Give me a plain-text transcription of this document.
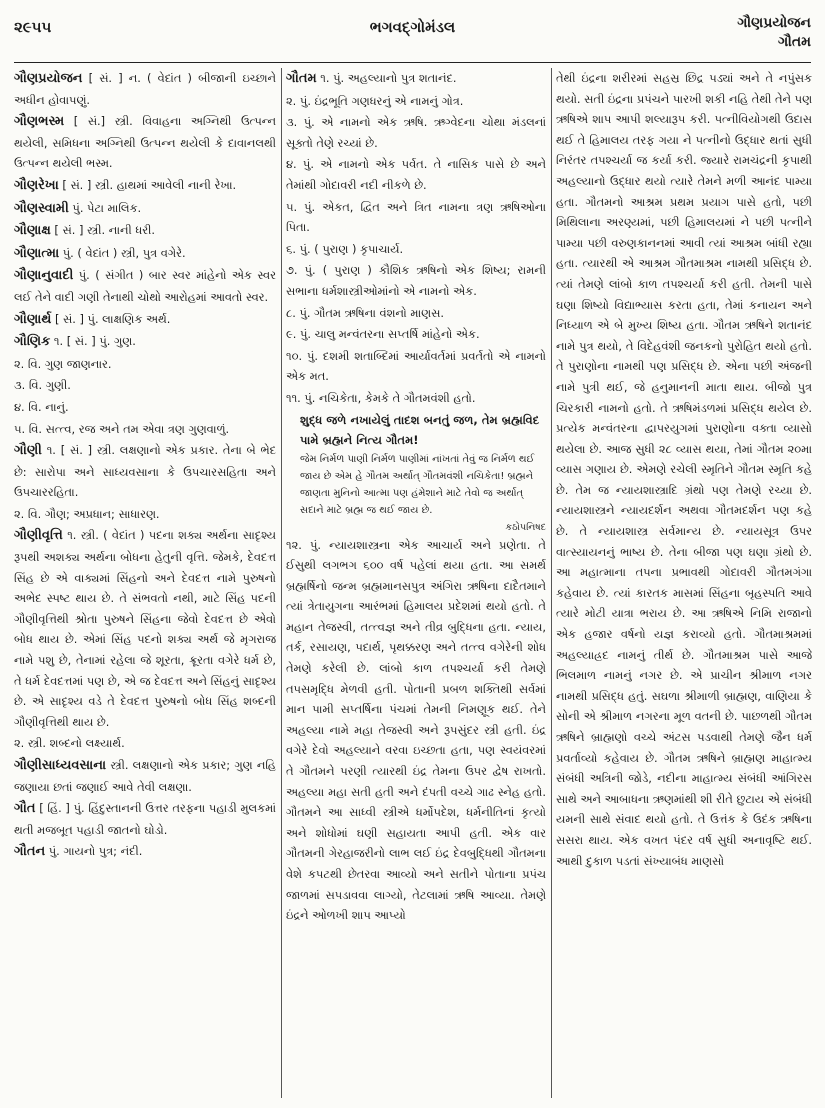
૨૯૫૫	ભગવદ્ગોમંડલ	ગૌણપ્રયોજન
ગૌતમ
ગૌણપ્રયોજન [ સં. ] ન. ( વેદાંત ) બીજાની ઇચ્છાને અધીન હોવાપણું.
ગૌણભસ્મ [ સં.] સ્ત્રી. વિવાહના અગ્નિથી ઉત્પન્ન થયેલી, સમિધના અગ્નિથી ઉત્પન્ન થયેલી કે દાવાનલથી ઉત્પન્ન થયેલી ભસ્મ.
ગૌણરેખા [ સં. ] સ્ત્રી. હાથમાં આવેલી નાની રેખા.
ગૌણસ્વામી પું. પેટા માલિક.
ગૌણાક્ષ [ સં. ] સ્ત્રી. નાની ધરી.
ગૌણાત્મા પું. ( વેદાંત ) સ્ત્રી, પુત્ર વગેરે.
ગૌણાનુવાદી પું. ( સંગીત ) બાર સ્વર માંહેનો એક સ્વર લઈ તેને વાદી ગણી તેનાથી ચોથો આરોહમાં આવતો સ્વર.
ગૌણાર્થ [ સં. ] પું. લાક્ષણિક અર્થ.
ગૌણિક ૧. [ સં. ] પું. ગુણ.
૨. વિ. ગુણ જાણનાર.
૩. વિ. ગુણી.
૪. વિ. નાનું.
૫. વિ. સત્ત્વ, રજ અને તમ એવા ત્રણ ગુણવાળું.
ગૌણી ૧. [ સં. ] સ્ત્રી. લક્ષણાનો એક પ્રકાર. તેના બે ભેદ છે: સારોપા અને સાધ્યવસાના કે ઉપચારસહિતા અને ઉપચારરહિતા.
૨. વિ. ગૌણ; અપ્રધાન; સાધારણ.
ગૌણીવૃત્તિ ૧. સ્ત્રી. ( વેદાંત ) પદના શક્ય અર્થના સાદૃશ્ય રૂપથી અશક્ય અર્થના બોધના હેતુની વૃત્તિ. જેમકે, દેવદત્ત સિંહ છે એ વાક્યમાં સિંહનો અને દેવદત્ત નામે પુરુષનો અભેદ સ્પષ્ટ થાય છે. તે સંભવતો નથી, માટે સિંહ પદની ગૌણીવૃત્તિથી શ્રોતા પુરુષને સિંહના જેવો દેવદત્ત છે એવો બોધ થાય છે. એમાં સિંહ પદનો શક્ય અર્થ જે મૃગરાજ નામે પશુ છે, તેનામાં રહેલા જે શૂરતા, ક્રૂરતા વગેરે ધર્મ છે, તે ધર્મ દેવદત્તમાં પણ છે, એ જ દેવદત્ત અને સિંહનું સાદૃશ્ય છે. એ સાદૃશ્ય વડે તે દેવદત્ત પુરુષનો બોધ સિંહ શબ્દની ગૌણીવૃત્તિથી થાય છે.
૨. સ્ત્રી. શબ્દનો લક્ષ્યાર્થ.
ગૌણીસાધ્યવસાના સ્ત્રી. લક્ષણાનો એક પ્રકાર; ગુણ નહિ જણાયા છતાં જણાઈ આવે તેવી લક્ષણા.
ગૌત [ હિં. ] પું. હિંદુસ્તાનની ઉત્તર તરફના પહાડી મુલકમાં થતી મજબૂત પહાડી જાતનો ઘોડો.
ગૌતન પું. ગાયનો પુત્ર; નંદી.
ગૌતમ ૧. પું. અહલ્યાનો પુત્ર શતાનંદ.
૨. પું. ઇંદ્રભૂતિ ગણધરનું એ નામનું ગોત્ર.
૩. પું. એ નામનો એક ઋષિ. ઋગ્વેદના ચોથા મંડલનાં સૂક્તો તેણે રચ્યાં છે.
૪. પું. એ નામનો એક પર્વત. તે નાસિક પાસે છે અને તેમાંથી ગોદાવરી નદી નીકળે છે.
૫. પું. એકત, દ્વિત અને ત્રિત નામના ત્રણ ઋષિઓના પિતા.
૬. પું. ( પુરાણ ) કૃપાચાર્ય.
૭. પું. ( પુરાણ ) કૌશિક ઋષિનો એક શિષ્ય; રામની સભાના ધર્મશાસ્ત્રીઓમાંનો એ નામનો એક.
૮. પું. ગૌતમ ઋષિના વંશનો માણસ.
૯. પું. ચાલુ મન્વંતરના સપ્તર્ષિ માંહેનો એક.
૧૦. પું. દશમી શતાબ્દિમાં આર્યાવર્તમાં પ્રવર્તતો એ નામનો એક મત.
૧૧. પું. નચિકેતા, કેમકે તે ગૌતમવંશી હતો.
શુદ્ધ જળે નખાયેલું તાદશ બનતું જળ, તેમ બ્રહ્મવિદ પામે બ્રહ્મને નિત્ય ગૌતમ!
જેમ નિર્મળ પાણી નિર્મળ પાણીમાં નાંખતાં તેવું જ નિર્મળ થઈ જાય છે એમ હે ગૌતમ અર્થાત્ ગૌતમવંશી નચિકેતા! બ્રહ્મને જાણતા મુનિનો આત્મા પણ હંમેશાને માટે તેવો જ અર્થાત્ સદાને માટે બ્રહ્મ જ થઈ જાય છે.
કઠોપનિષદ
૧૨. પું. ન્યાયશાસ્ત્રના એક આચાર્ય અને પ્રણેતા. તે ઈસુથી લગભગ ૬૦૦ વર્ષ પહેલાં થયા હતા. આ સમર્થ બ્રહ્મર્ષિનો જન્મ બ્રહ્મમાનસપુત્ર અંગિરા ઋષિના દાદૈતમાને ત્યાં ત્રેતાયુગના આરંભમાં હિમાલય પ્રદેશમાં થયો હતો. તે મહાન તેજસ્વી, તત્ત્વજ્ઞ અને તીવ્ર બુદ્ધિના હતા. ન્યાય, તર્ક, રસાયણ, પદાર્થ, પૃથક્કરણ અને તત્ત્વ વગેરેની શોધ તેમણે કરેલી છે. લાંબો કાળ તપશ્ચર્યા કરી તેમણે તપસમૃદ્ધિ મેળવી હતી. પોતાની પ્રબળ શક્તિથી સર્વમાં માન પામી સપ્તર્ષિના પંચમાં તેમની નિમણૂક થઈ. તેને અહલ્યા નામે મહા તેજસ્વી અને રૂપસુંદર સ્ત્રી હતી. ઇંદ્ર વગેરે દેવો અહલ્યાને વરવા ઇચ્છતા હતા, પણ સ્વયંવરમાં તે ગૌતમને પરણી ત્યારથી ઇંદ્ર તેમના ઉપર દ્વેષ રાખતો. અહલ્યા મહા સતી હતી અને દંપતી વચ્ચે ગાઢ સ્નેહ હતો. ગૌતમને આ સાધ્વી સ્ત્રીએ ધર્મોપદેશ, ધર્મનીતિનાં કૃત્યો અને શોધોમાં ઘણી સહાયતા આપી હતી. એક વાર ગૌતમની ગેરહાજરીનો લાભ લઈ ઇંદ્ર દેવબુદ્ધિથી ગૌતમના વેશે કપટથી છેતરવા આવ્યો અને સતીને પોતાના પ્રપંચ જાળમાં સપડાવવા લાગ્યો, તેટલામાં ઋષિ આવ્યા. તેમણે ઇંદ્રને ઓળખી શાપ આપ્યો
તેથી ઇંદ્રના શરીરમાં સહસ્ર છિદ્ર પડ્યાં અને તે નપુંસક થયો. સતી ઇંદ્રના પ્રપંચને પારખી શકી નહિ તેથી તેને પણ ઋષિએ શાપ આપી શલ્યારૂપ કરી. પત્નીવિયોગથી ઉદાસ થઈ તે હિમાલય તરફ ગયા ને પત્નીનો ઉદ્ધાર થતાં સુધી નિરંતર તપશ્ચર્યા જ કર્યા કરી. જ્યારે રામચંદ્રની કૃપાથી અહલ્યાનો ઉદ્ધાર થયો ત્યારે તેમને મળી આનંદ પામ્યા હતા. ગૌતમનો આશ્રમ પ્રથમ પ્રયાગ પાસે હતો, પછી મિથિલાના અરણ્યમાં, પછી હિમાલયમાં ને પછી પત્નીને પામ્યા પછી વરુણકાનનમાં આવી ત્યાં આશ્રમ બાંધી રહ્યા હતા. ત્યારથી એ આશ્રમ ગૌતમાશ્રમ નામથી પ્રસિદ્ધ છે. ત્યાં તેમણે લાંબો કાળ તપશ્ચર્યા કરી હતી. તેમની પાસે ઘણા શિષ્યો વિદ્યાભ્યાસ કરતા હતા, તેમાં કનાયન અને નિધ્યાળ એ બે મુખ્ય શિષ્ય હતા. ગૌતમ ઋષિને શતાનંદ નામે પુત્ર થયો, તે વિદેહવંશી જનકનો પુરોહિત થયો હતો. તે પુરાણોના નામથી પણ પ્રસિદ્ધ છે. એના પછી અંજની નામે પુત્રી થઈ, જે હનુમાનની માતા થાય. બીજો પુત્ર ચિરકારી નામનો હતો. તે ઋષિમંડળમાં પ્રસિદ્ધ થયેલ છે. પ્રત્યેક મન્વંતરના દ્વાપરયુગમાં પુરાણોના વક્તા વ્યાસો થયેલા છે. આજ સુધી ૨૮ વ્યાસ થયા, તેમાં ગૌતમ ૨૦મા વ્યાસ ગણાય છે. એમણે રચેલી સ્મૃતિને ગૌતમ સ્મૃતિ કહે છે. તેમ જ ન્યાયશાસ્ત્રાદિ ગ્રંથો પણ તેમણે રચ્યા છે. ન્યાયશાસ્ત્રને ન્યાયદર્શન અથવા ગૌતમદર્શન પણ કહે છે. તે ન્યાયશાસ્ત્ર સર્વમાન્ય છે. ન્યાયસૂત્ર ઉપર વાત્સ્યાયનનું ભાષ્ય છે. તેના બીજા પણ ઘણા ગ્રંથો છે. આ મહાત્માના તપના પ્રભાવથી ગોદાવરી ગૌતમગંગા કહેવાય છે. ત્યાં કારતક માસમાં સિંહના બૃહસ્પતિ આવે ત્યારે મોટી યાત્રા ભરાય છે. આ ઋષિએ નિમિ રાજાનો એક હજાર વર્ષનો યજ્ઞ કરાવ્યો હતો. ગૌતમાશ્રમમાં અહલ્યાહ્રદ નામનું તીર્થ છે. ગૌતમાશ્રમ પાસે આજે ભિલમાળ નામનું નગર છે. એ પ્રાચીન શ્રીમાળ નગર નામથી પ્રસિદ્ધ હતું. સઘળા શ્રીમાળી બ્રાહ્મણ, વાણિયા કે સોની એ શ્રીમાળ નગરના મૂળ વતની છે. પાછળથી ગૌતમ ઋષિને બ્રાહ્મણો વચ્ચે અંટસ પડવાથી તેમણે જૈન ધર્મ પ્રવર્તાવ્યો કહેવાય છે. ગૌતમ ઋષિને બ્રાહ્મણ માહાત્મ્ય સંબંધી અત્રિની જોડે, નદીના માહાત્મ્ય સંબંધી આંગિરસ સાથે અને આબાધના ઋણમાંથી શી રીતે છુટાય એ સંબંધી યમની સાથે સંવાદ થયો હતો. તે ઉત્તંક કે ઉદંક ઋષિના સસરા થાય. એક વખત પંદર વર્ષ સુધી અનાવૃષ્ટિ થઈ. આથી દુકાળ પડતાં સંખ્યાબંધ માણસો
